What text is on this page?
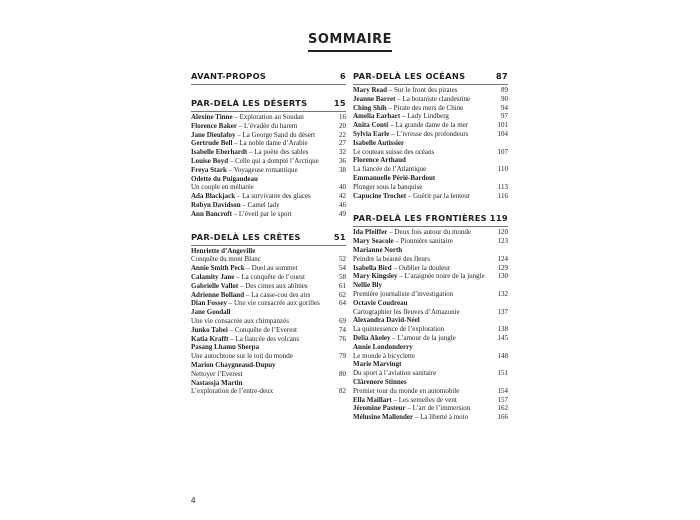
SOMMAIRE
AVANT-PROPOS	6
PAR-DELÀ LES DÉSERTS	15
Alexine Tinne – Exploration au Soudan	16
Florence Baker – L’évadée du harem	20
Jane Dieulafoy – La George Sand du désert	22
Gertrude Bell – La noble dame d’Arabie	27
Isabelle Eberhardt – La poète des sables	32
Louise Boyd – Celle qui a dompté l’Arctique	36
Freya Stark – Voyageuse romantique	38
Odette du Puigaudeau
Un couple en méharée	40
Ada Blackjack – La survivante des glaces	42
Robyn Davidson – Camel lady	46
Ann Bancroft – L’éveil par le sport	49
PAR-DELÀ LES CRÊTES	51
Henriette d’Angeville
Conquête du mont Blanc	52
Annie Smith Peck – Duel au sommet	54
Calamity Jane – La conquête de l’ouest	58
Gabrielle Vallot – Des cimes aux abîmes	61
Adrienne Bolland – La casse-cou des airs	62
Dian Fossey – Une vie consacrée aux gorilles	64
Jane Goodall
Une vie consacrée aux chimpanzés	69
Junko Tabei – Conquête de l’Everest	74
Katia Krafft – La fiancée des volcans	76
Pasang Lhamu Sherpa
Une autochtone sur le toit du monde	79
Marion Chaygneaud-Dupuy
Nettoyer l’Everest	80
Nastassja Martin
L’exploration de l’entre-deux	82
PAR-DELÀ LES OCÉANS	87
Mary Read – Sur le front des pirates	89
Jeanne Barret – La botaniste clandestine	90
Ching Shih – Pirate des mers de Chine	94
Amelia Earhart – Lady Lindberg	97
Anita Conti – La grande dame de la mer	101
Sylvia Earle – L’ivresse des profondeurs	104
Isabelle Autissier
Le couteau suisse des océans	107
Florence Arthaud
La fiancée de l’Atlantique	110
Emmanuelle Périé-Bardout
Plonger sous la banquise	113
Capucine Trochet – Guérir par la lenteur	116
PAR-DELÀ LES FRONTIÈRES 119
Ida Pfeiffer – Deux fois autour du monde	120
Mary Seacole – Pionnière sanitaire	123
Marianne North
Peindre la beauté des fleurs	124
Isabella Bird – Oublier la douleur	129
Mary Kingsley – L’araignée noire de la jungle	130
Nellie Bly
Première journaliste d’investigation	132
Octavie Coudreau
Cartographier les fleuves d’Amazonie	137
Alexandra David-Néel
La quintessence de l’exploration	138
Delia Akeley – L’amour de la jungle	145
Annie Londonderry
Le monde à bicyclette	148
Marie Marvingt
Du sport à l’aviation sanitaire	151
Clärenore Stinnes
Premier tour du monde en automobile	154
Ella Maillart – Les semelles de vent	157
Jéromine Pasteur – L’art de l’immersion	162
Mélusine Mallender – La liberté à moto	166
4
